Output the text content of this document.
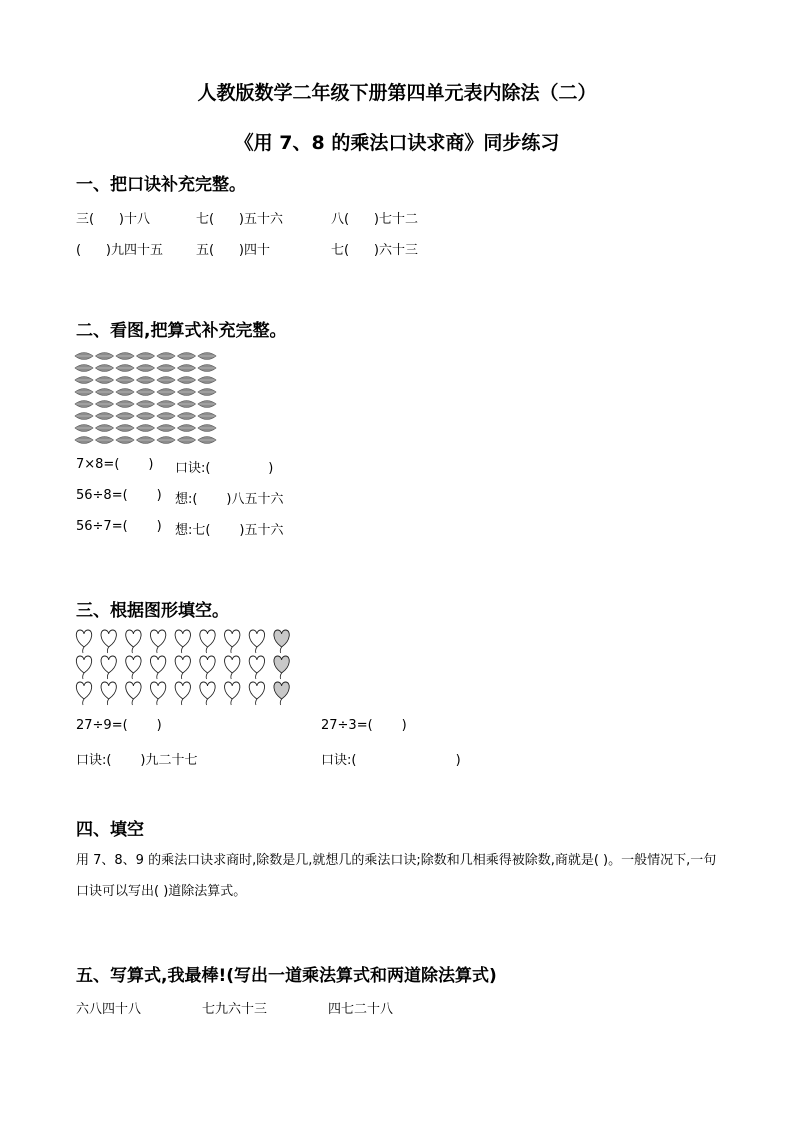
人教版数学二年级下册第四单元表内除法（二）
《用 7、8 的乘法口诀求商》同步练习
一、把口诀补充完整。
三(      )十八	七(      )五十六	八(      )七十二
(      )九四十五	五(      )四十	七(      )六十三
二、看图,把算式补充完整。
7×8=(       ) 口诀:(              )
56÷8=(       ) 想:(       )八五十六
56÷7=(       ) 想:七(       )五十六
三、根据图形填空。
27÷9=(       )	27÷3=(       )
口诀:(       )九二十七	口诀:(                        )
四、填空
用 7、8、9 的乘法口诀求商时,除数是几,就想几的乘法口诀;除数和几相乘得被除数,商就是( )。一般情况下,一句口诀可以写出( )道除法算式。
五、写算式,我最棒!(写出一道乘法算式和两道除法算式)
六八四十八	七九六十三	四七二十八
